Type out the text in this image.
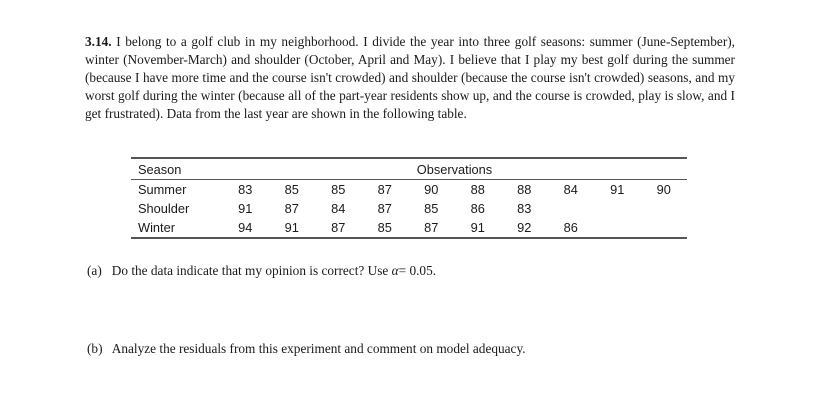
3.14. I belong to a golf club in my neighborhood. I divide the year into three golf seasons: summer (June-September), winter (November-March) and shoulder (October, April and May). I believe that I play my best golf during the summer (because I have more time and the course isn't crowded) and shoulder (because the course isn't crowded) seasons, and my worst golf during the winter (because all of the part-year residents show up, and the course is crowded, play is slow, and I get frustrated). Data from the last year are shown in the following table.
Season	Observations
Summer	83	85	85	87	90	88	88	84	91	90
Shoulder	91	87	84	87	85	86	83			
Winter	94	91	87	85	87	91	92	86		
(a) Do the data indicate that my opinion is correct? Use α= 0.05.
(b) Analyze the residuals from this experiment and comment on model adequacy.
